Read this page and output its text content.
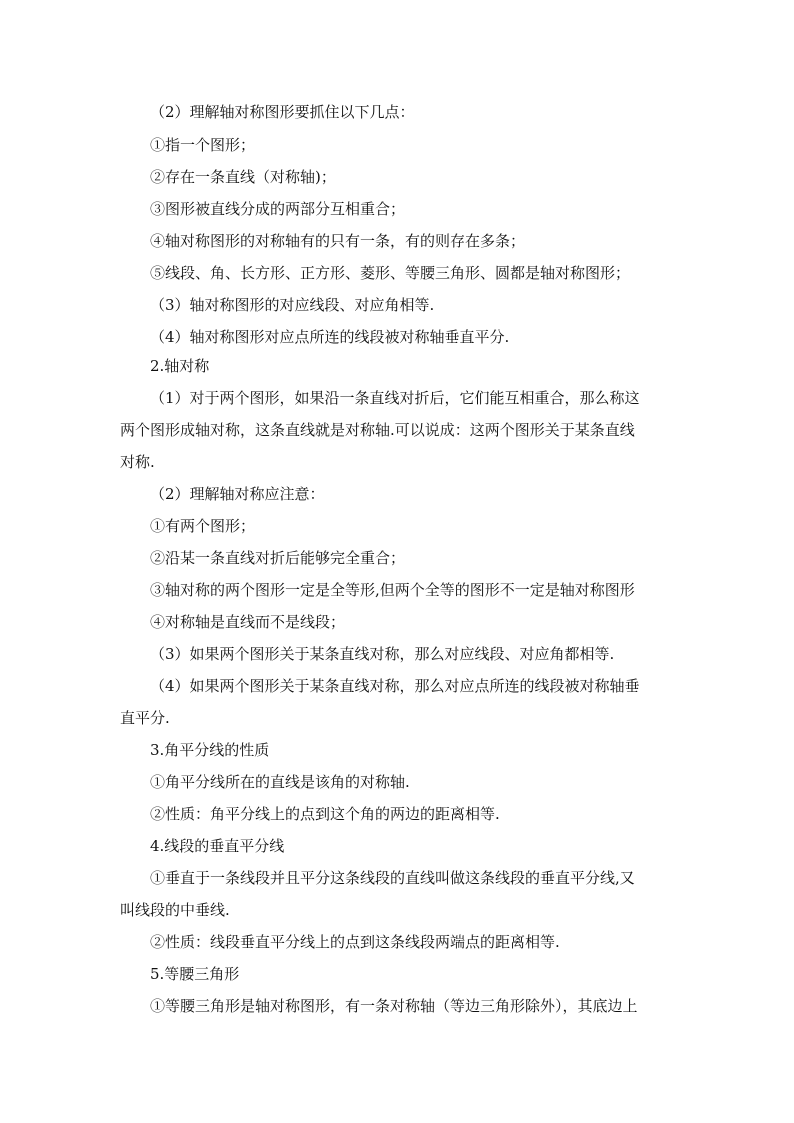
（2）理解轴对称图形要抓住以下几点：
①指一个图形；
②存在一条直线（对称轴)；
③图形被直线分成的两部分互相重合；
④轴对称图形的对称轴有的只有一条，有的则存在多条；
⑤线段、角、长方形、正方形、菱形、等腰三角形、圆都是轴对称图形；
（3）轴对称图形的对应线段、对应角相等.
（4）轴对称图形对应点所连的线段被对称轴垂直平分.
2.轴对称
（1）对于两个图形，如果沿一条直线对折后，它们能互相重合，那么称这
两个图形成轴对称，这条直线就是对称轴.可以说成：这两个图形关于某条直线
对称.
（2）理解轴对称应注意：
①有两个图形；
②沿某一条直线对折后能够完全重合；
③轴对称的两个图形一定是全等形,但两个全等的图形不一定是轴对称图形
④对称轴是直线而不是线段；
（3）如果两个图形关于某条直线对称，那么对应线段、对应角都相等.
（4）如果两个图形关于某条直线对称，那么对应点所连的线段被对称轴垂
直平分.
3.角平分线的性质
①角平分线所在的直线是该角的对称轴.
②性质：角平分线上的点到这个角的两边的距离相等.
4.线段的垂直平分线
①垂直于一条线段并且平分这条线段的直线叫做这条线段的垂直平分线,又
叫线段的中垂线.
②性质：线段垂直平分线上的点到这条线段两端点的距离相等.
5.等腰三角形
①等腰三角形是轴对称图形，有一条对称轴（等边三角形除外），其底边上
